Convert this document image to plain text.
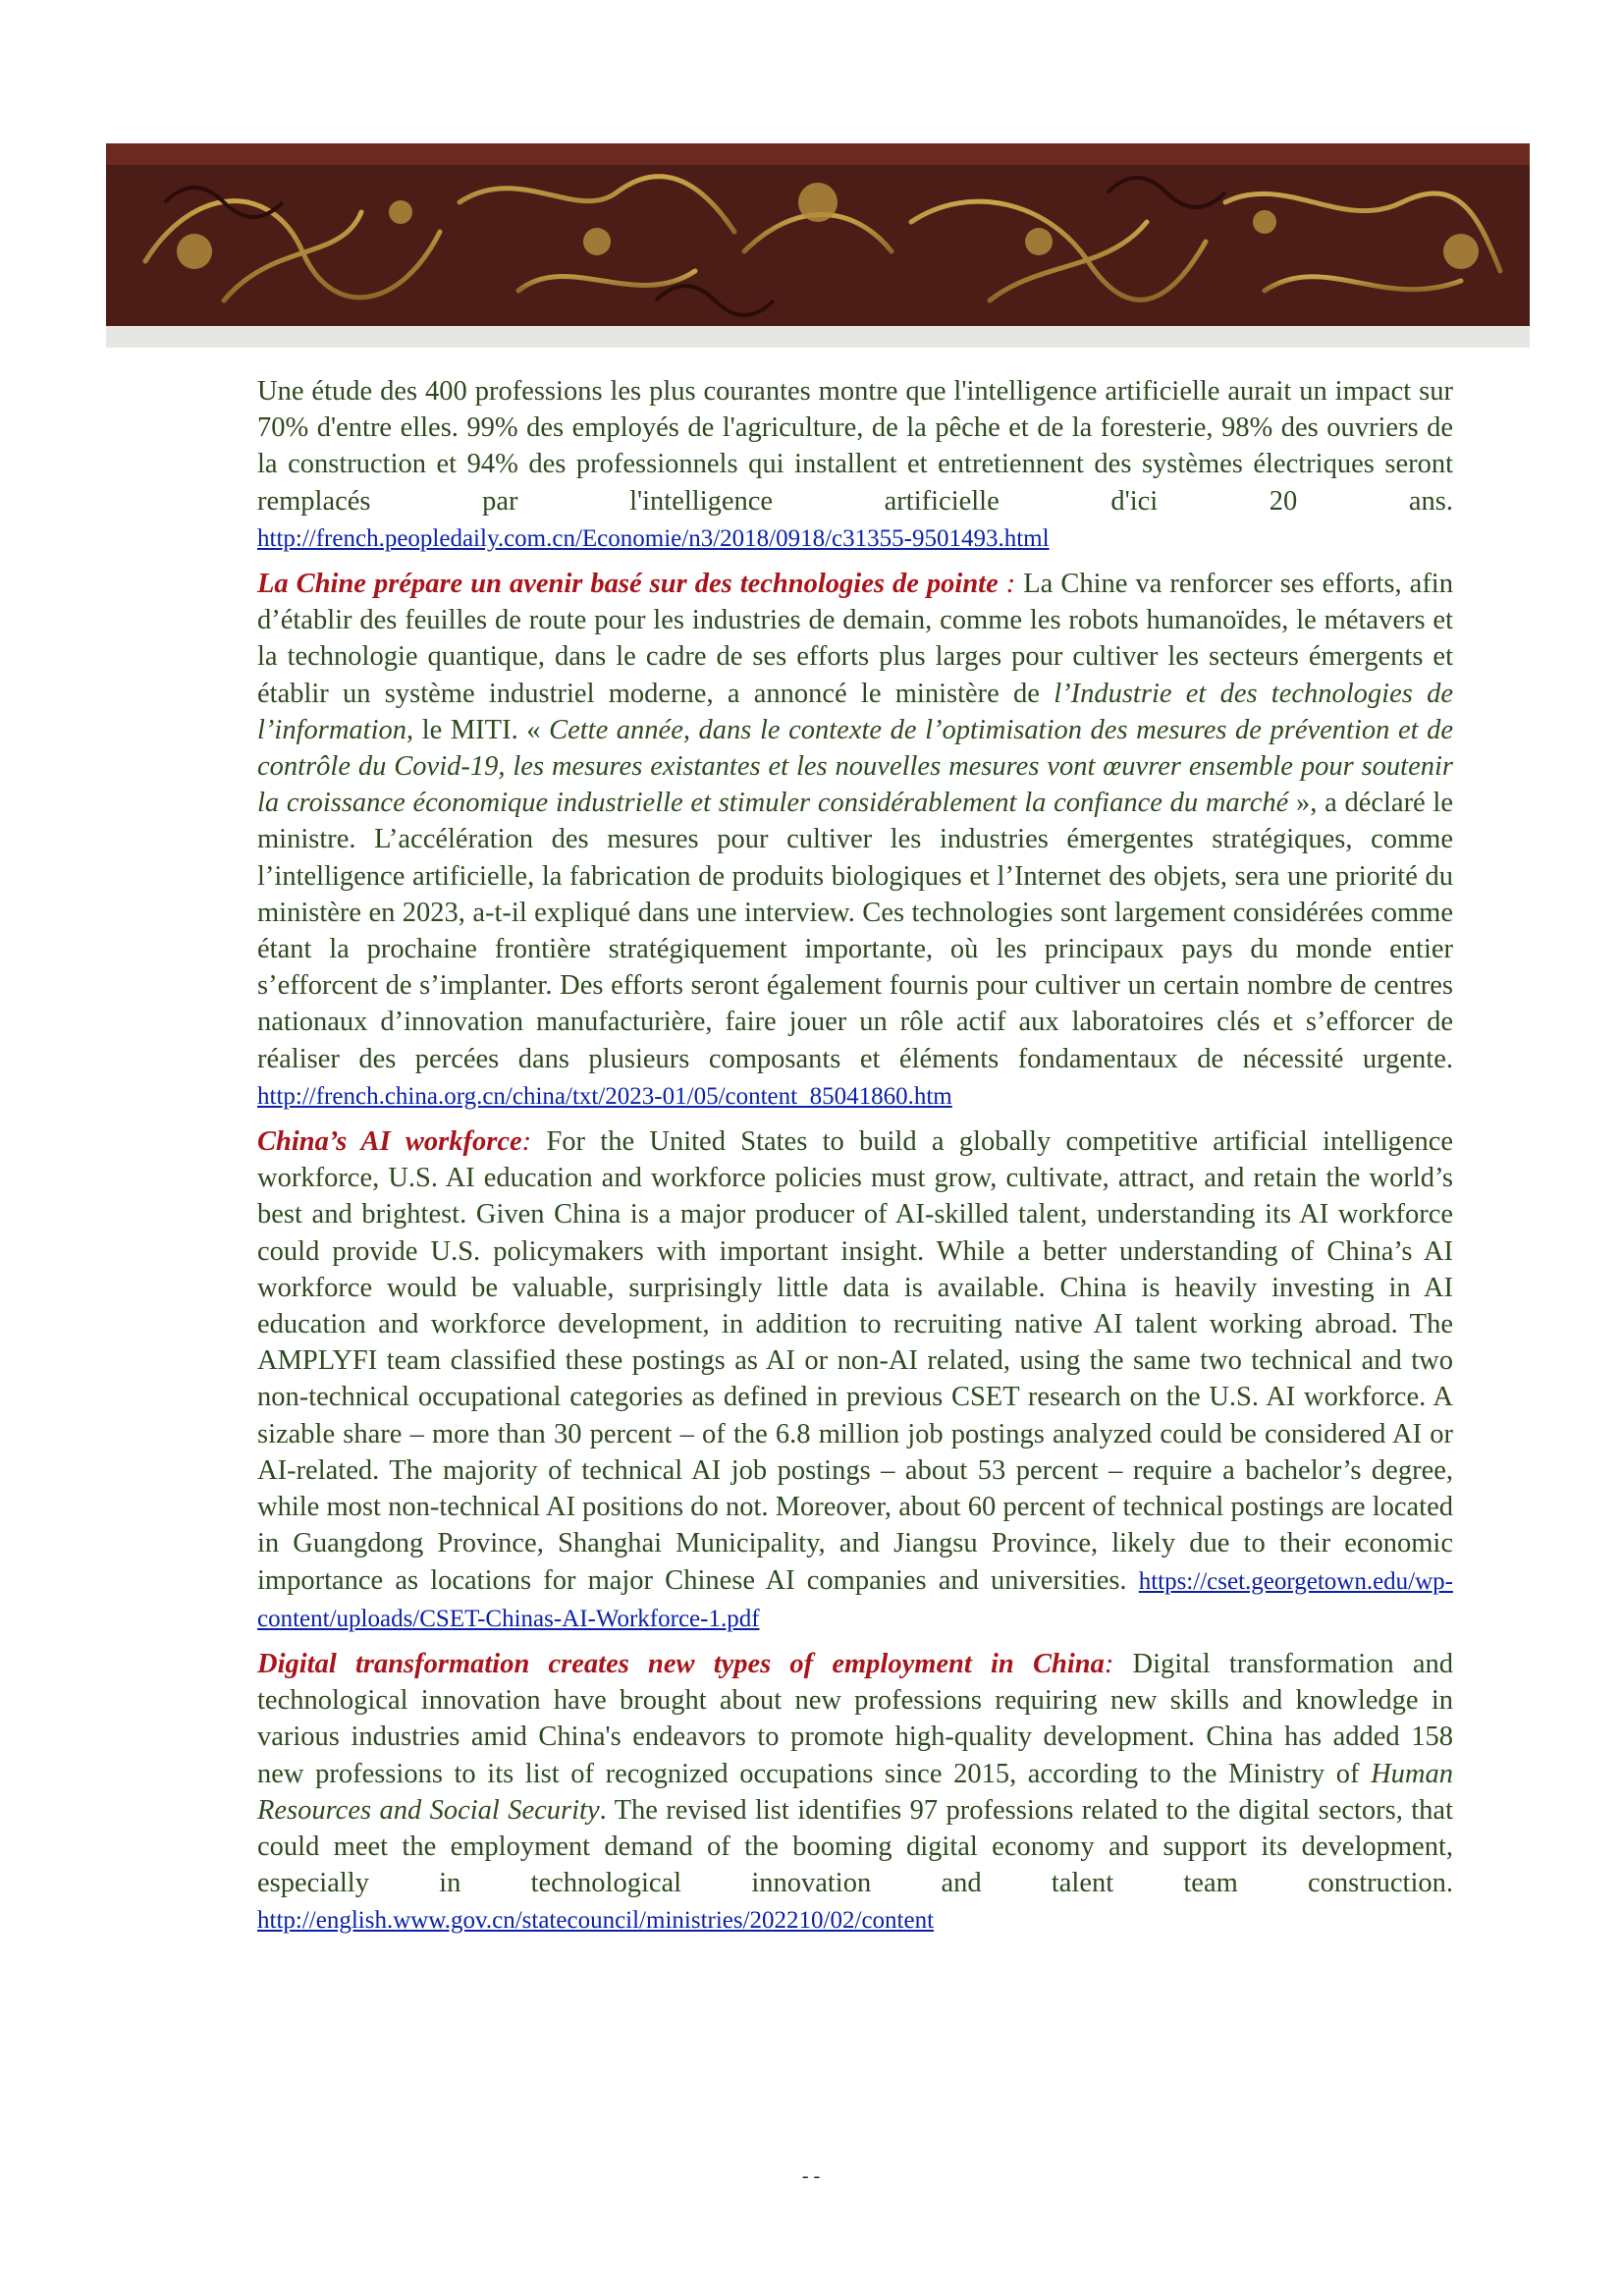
Une étude des 400 professions les plus courantes montre que l'intelligence artificielle aurait un impact sur 70% d'entre elles. 99% des employés de l'agriculture, de la pêche et de la foresterie, 98% des ouvriers de la construction et 94% des professionnels qui installent et entretiennent des systèmes électriques seront remplacés par l'intelligence artificielle d'ici 20 ans. http://french.peopledaily.com.cn/Economie/n3/2018/0918/c31355-9501493.html

La Chine prépare un avenir basé sur des technologies de pointe : La Chine va renforcer ses efforts, afin d’établir des feuilles de route pour les industries de demain, comme les robots humanoïdes, le métavers et la technologie quantique, dans le cadre de ses efforts plus larges pour cultiver les secteurs émergents et établir un système industriel moderne, a annoncé le ministère de l’Industrie et des technologies de l’information, le MITI. « Cette année, dans le contexte de l’optimisation des mesures de prévention et de contrôle du Covid-19, les mesures existantes et les nouvelles mesures vont œuvrer ensemble pour soutenir la croissance économique industrielle et stimuler considérablement la confiance du marché », a déclaré le ministre. L’accélération des mesures pour cultiver les industries émergentes stratégiques, comme l’intelligence artificielle, la fabrication de produits biologiques et l’Internet des objets, sera une priorité du ministère en 2023, a-t-il expliqué dans une interview. Ces technologies sont largement considérées comme étant la prochaine frontière stratégiquement importante, où les principaux pays du monde entier s’efforcent de s’implanter. Des efforts seront également fournis pour cultiver un certain nombre de centres nationaux d’innovation manufacturière, faire jouer un rôle actif aux laboratoires clés et s’efforcer de réaliser des percées dans plusieurs composants et éléments fondamentaux de nécessité urgente. http://french.china.org.cn/china/txt/2023-01/05/content_85041860.htm

China’s AI workforce: For the United States to build a globally competitive artificial intelligence workforce, U.S. AI education and workforce policies must grow, cultivate, attract, and retain the world’s best and brightest. Given China is a major producer of AI-skilled talent, understanding its AI workforce could provide U.S. policymakers with important insight. While a better understanding of China’s AI workforce would be valuable, surprisingly little data is available. China is heavily investing in AI education and workforce development, in addition to recruiting native AI talent working abroad. The AMPLYFI team classified these postings as AI or non-AI related, using the same two technical and two non-technical occupational categories as defined in previous CSET research on the U.S. AI workforce. A sizable share – more than 30 percent – of the 6.8 million job postings analyzed could be considered AI or AI-related. The majority of technical AI job postings – about 53 percent – require a bachelor’s degree, while most non-technical AI positions do not. Moreover, about 60 percent of technical postings are located in Guangdong Province, Shanghai Municipality, and Jiangsu Province, likely due to their economic importance as locations for major Chinese AI companies and universities. https://cset.georgetown.edu/wp-content/uploads/CSET-Chinas-AI-Workforce-1.pdf

Digital transformation creates new types of employment in China: Digital transformation and technological innovation have brought about new professions requiring new skills and knowledge in various industries amid China's endeavors to promote high-quality development. China has added 158 new professions to its list of recognized occupations since 2015, according to the Ministry of Human Resources and Social Security. The revised list identifies 97 professions related to the digital sectors, that could meet the employment demand of the booming digital economy and support its development, especially in technological innovation and talent team construction. http://english.www.gov.cn/statecouncil/ministries/202210/02/content

- -
